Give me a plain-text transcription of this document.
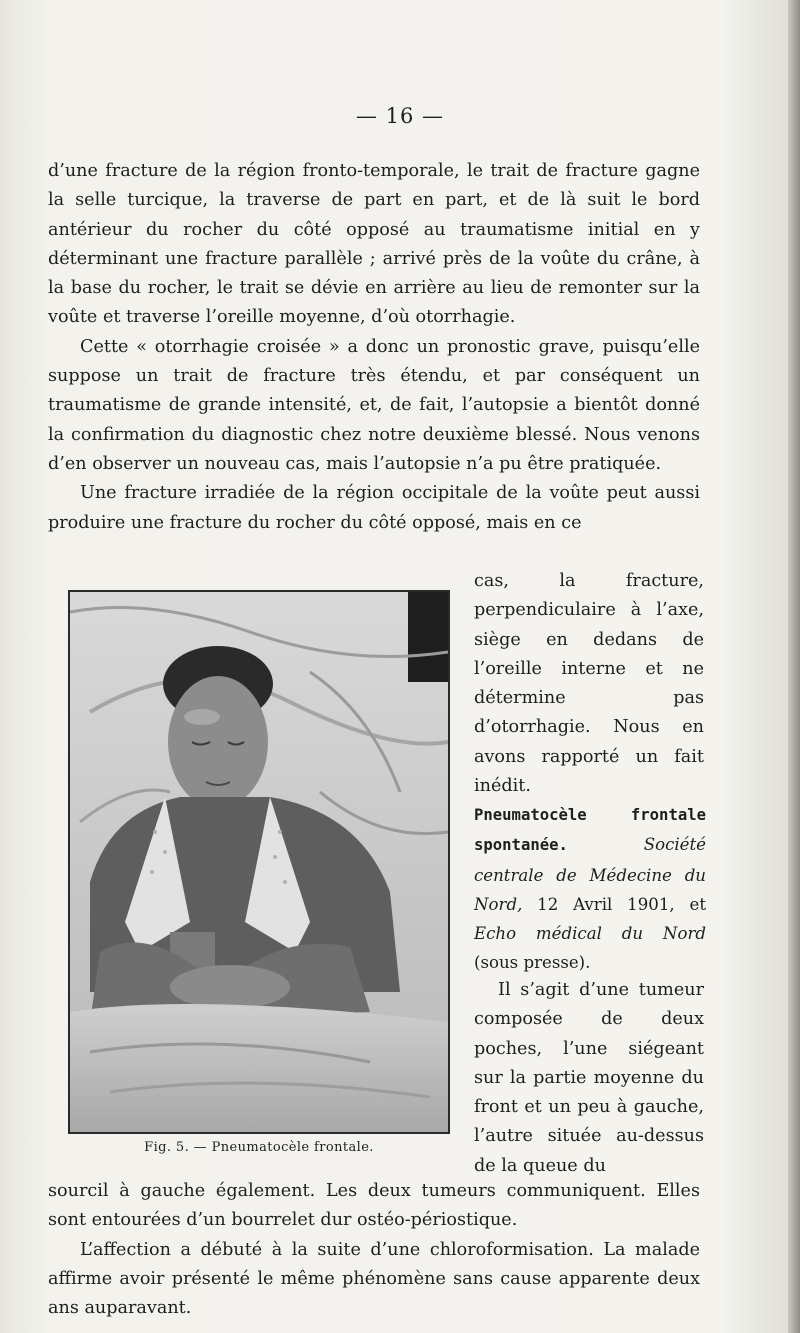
— 16 —

d’une fracture de la région fronto-temporale, le trait de fracture gagne la selle turcique, la traverse de part en part, et de là suit le bord antérieur du rocher du côté opposé au traumatisme initial en y déterminant une fracture parallèle ; arrivé près de la voûte du crâne, à la base du rocher, le trait se dévie en arrière au lieu de remonter sur la voûte et traverse l’oreille moyenne, d’où otorrhagie.

Cette « otorrhagie croisée » a donc un pronostic grave, puisqu’elle suppose un trait de fracture très étendu, et par conséquent un traumatisme de grande intensité, et, de fait, l’autopsie a bientôt donné la confirmation du diagnostic chez notre deuxième blessé. Nous venons d’en observer un nouveau cas, mais l’autopsie n’a pu être pratiquée.

Une fracture irradiée de la région occipitale de la voûte peut aussi produire une fracture du rocher du côté opposé, mais en ce

cas, la fracture, perpendiculaire à l’axe, siège en dedans de l’oreille interne et ne détermine pas d’otorrhagie. Nous en avons rapporté un fait inédit.

Pneumatocèle frontale spontanée.	Société centrale de Médecine du Nord, 12 Avril 1901, et Echo médical du Nord (sous presse).

Il s’agit d’une tumeur composée de deux poches, l’une siégeant sur la partie moyenne du front et un peu à gauche, l’autre située au-dessus de la queue du

Fig. 5. — Pneumatocèle frontale.

sourcil à gauche également. Les deux tumeurs communiquent. Elles sont entourées d’un bourrelet dur ostéo-périostique.

L’affection a débuté à la suite d’une chloroformisation. La malade affirme avoir présenté le même phénomène sans cause apparente deux ans auparavant.
